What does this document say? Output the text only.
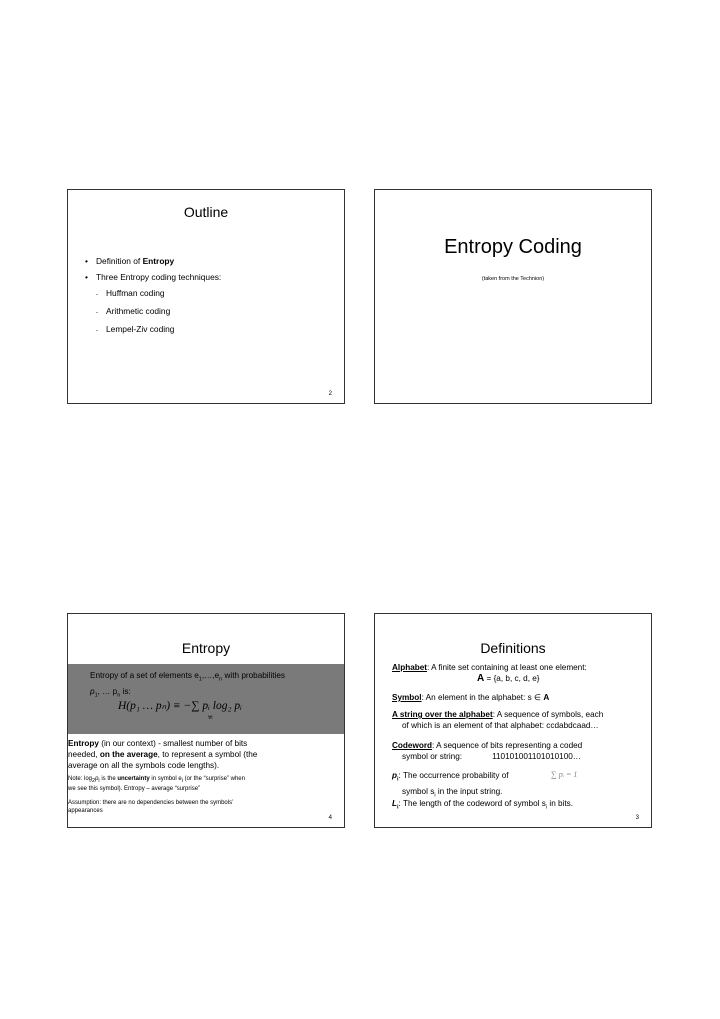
Outline
• Definition of Entropy
• Three Entropy coding techniques:
- Huffman coding
- Arithmetic coding
- Lempel-Ziv coding
2
Entropy Coding
(taken from the Technion)
Entropy
Entropy of a set of elements $e_1,\dots,e_n$ with probabilities
$p_1$, … $p_n$ is:
H(p₁ … pₙ) ≡ −∑ pᵢ log₂ pᵢ
∀i
Entropy (in our context) - smallest number of bits
needed, on the average, to represent a symbol (the
average on all the symbols code lengths).
Note: $\log_2p_i$ is the uncertainty in symbol $e_i$ (or the “surprise” when
we see this symbol). Entropy – average “surprise”
Assumption: there are no dependencies between the symbols’
appearances
4
Definitions
Alphabet: A finite set containing at least one element:
A = {a, b, c, d, e}
Symbol: An element in the alphabet: s ∈ A
A string over the alphabet: A sequence of symbols, each
of which is an element of that alphabet: ccdabdcaad…
Codeword: A sequence of bits representing a coded
symbol or string:	110101001101010100…
$p_i$: The occurrence probability of
symbol $s_i$ in the input string.
∑ pᵢ = 1
$L_i$: The length of the codeword of symbol $s_i$ in bits.
3
